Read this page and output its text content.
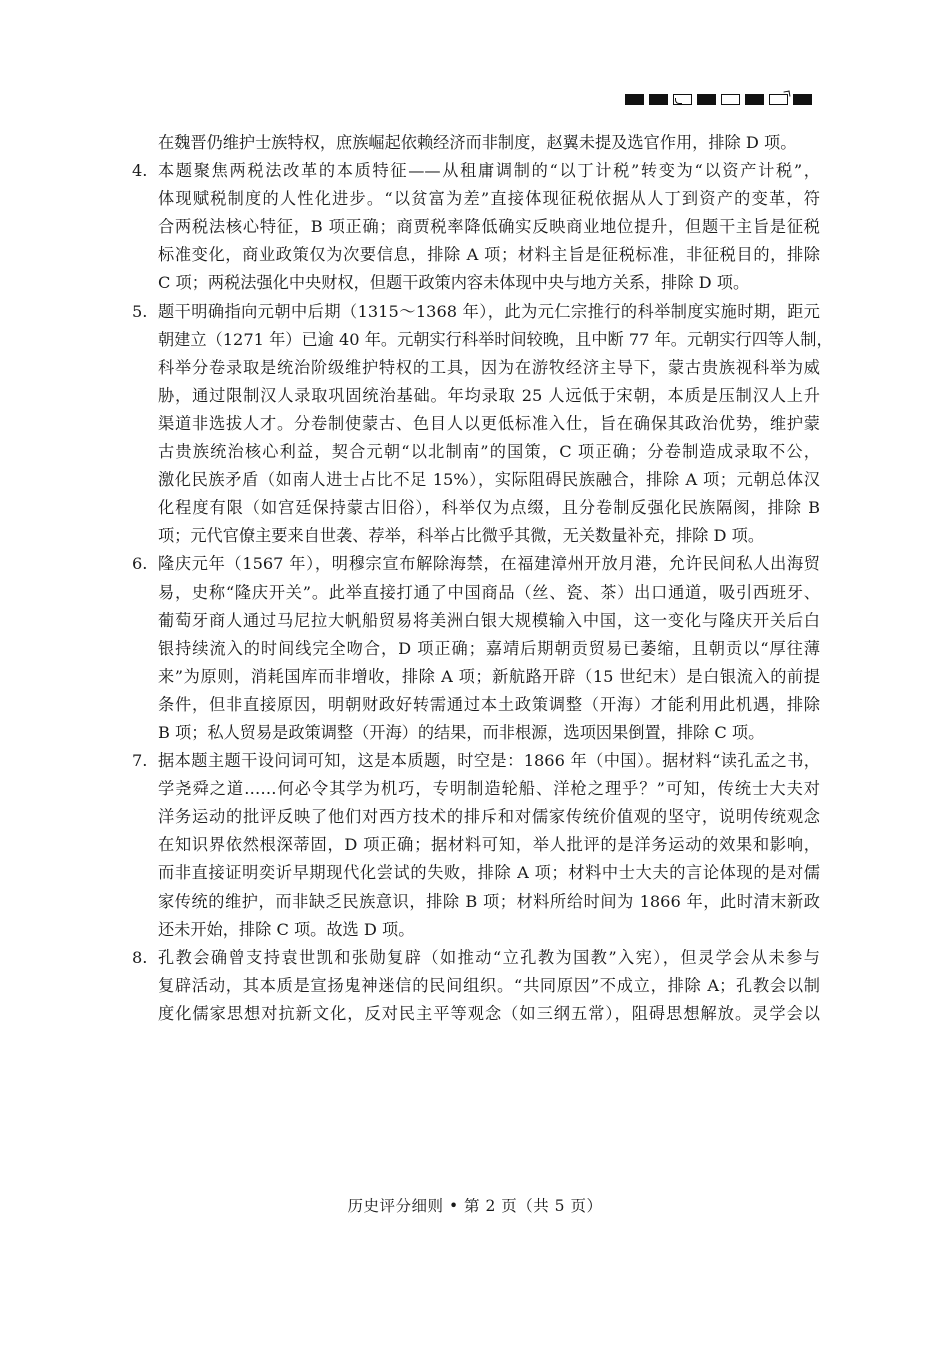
在魏晋仍维护士族特权，庶族崛起依赖经济而非制度，赵翼未提及选官作用，排除 D 项。
4. 本题聚焦两税法改革的本质特征——从租庸调制的“以丁计税”转变为“以资产计税”，
体现赋税制度的人性化进步。“以贫富为差”直接体现征税依据从人丁到资产的变革，符
合两税法核心特征，B 项正确；商贾税率降低确实反映商业地位提升，但题干主旨是征税
标准变化，商业政策仅为次要信息，排除 A 项；材料主旨是征税标准，非征税目的，排除
C 项；两税法强化中央财权，但题干政策内容未体现中央与地方关系，排除 D 项。
5. 题干明确指向元朝中后期（1315～1368 年），此为元仁宗推行的科举制度实施时期，距元
朝建立（1271 年）已逾 40 年。元朝实行科举时间较晚，且中断 77 年。元朝实行四等人制，
科举分卷录取是统治阶级维护特权的工具，因为在游牧经济主导下，蒙古贵族视科举为威
胁，通过限制汉人录取巩固统治基础。年均录取 25 人远低于宋朝，本质是压制汉人上升
渠道非选拔人才。分卷制使蒙古、色目人以更低标准入仕，旨在确保其政治优势，维护蒙
古贵族统治核心利益，契合元朝“以北制南”的国策，C 项正确；分卷制造成录取不公，
激化民族矛盾（如南人进士占比不足 15%），实际阻碍民族融合，排除 A 项；元朝总体汉
化程度有限（如宫廷保持蒙古旧俗），科举仅为点缀，且分卷制反强化民族隔阂，排除 B
项；元代官僚主要来自世袭、荐举，科举占比微乎其微，无关数量补充，排除 D 项。
6. 隆庆元年（1567 年），明穆宗宣布解除海禁，在福建漳州开放月港，允许民间私人出海贸
易，史称“隆庆开关”。此举直接打通了中国商品（丝、瓷、茶）出口通道，吸引西班牙、
葡萄牙商人通过马尼拉大帆船贸易将美洲白银大规模输入中国，这一变化与隆庆开关后白
银持续流入的时间线完全吻合，D 项正确；嘉靖后期朝贡贸易已萎缩，且朝贡以“厚往薄
来”为原则，消耗国库而非增收，排除 A 项；新航路开辟（15 世纪末）是白银流入的前提
条件，但非直接原因，明朝财政好转需通过本土政策调整（开海）才能利用此机遇，排除
B 项；私人贸易是政策调整（开海）的结果，而非根源，选项因果倒置，排除 C 项。
7. 据本题主题干设问词可知，这是本质题，时空是：1866 年（中国）。据材料“读孔孟之书，
学尧舜之道……何必令其学为机巧，专明制造轮船、洋枪之理乎？”可知，传统士大夫对
洋务运动的批评反映了他们对西方技术的排斥和对儒家传统价值观的坚守，说明传统观念
在知识界依然根深蒂固，D 项正确；据材料可知，举人批评的是洋务运动的效果和影响，
而非直接证明奕䜣早期现代化尝试的失败，排除 A 项；材料中士大夫的言论体现的是对儒
家传统的维护，而非缺乏民族意识，排除 B 项；材料所给时间为 1866 年，此时清末新政
还未开始，排除 C 项。故选 D 项。
8. 孔教会确曾支持袁世凯和张勋复辟（如推动“立孔教为国教”入宪），但灵学会从未参与
复辟活动，其本质是宣扬鬼神迷信的民间组织。“共同原因”不成立，排除 A；孔教会以制
度化儒家思想对抗新文化，反对民主平等观念（如三纲五常），阻碍思想解放。灵学会以
历史评分细则 • 第 2 页（共 5 页）
